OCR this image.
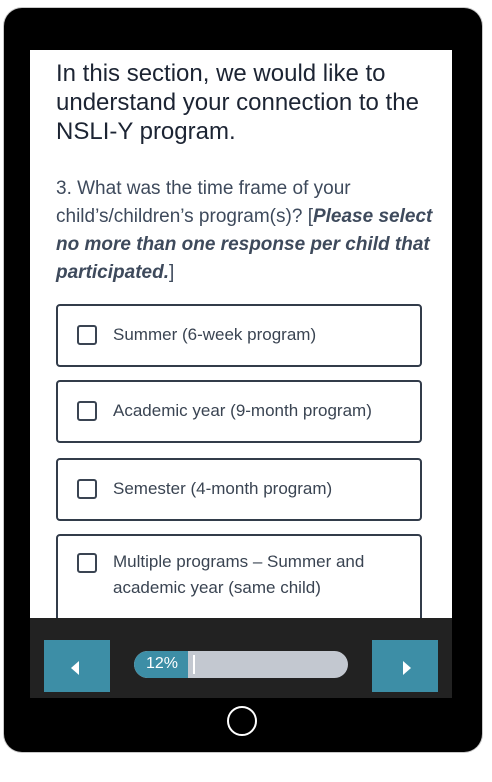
In this section, we would like to understand your connection to the NSLI-Y program.
3. What was the time frame of your child’s/children’s program(s)? [Please select no more than one response per child that participated.]
Summer (6-week program)
Academic year (9-month program)
Semester (4-month program)
Multiple programs – Summer and academic year (same child)
12%
